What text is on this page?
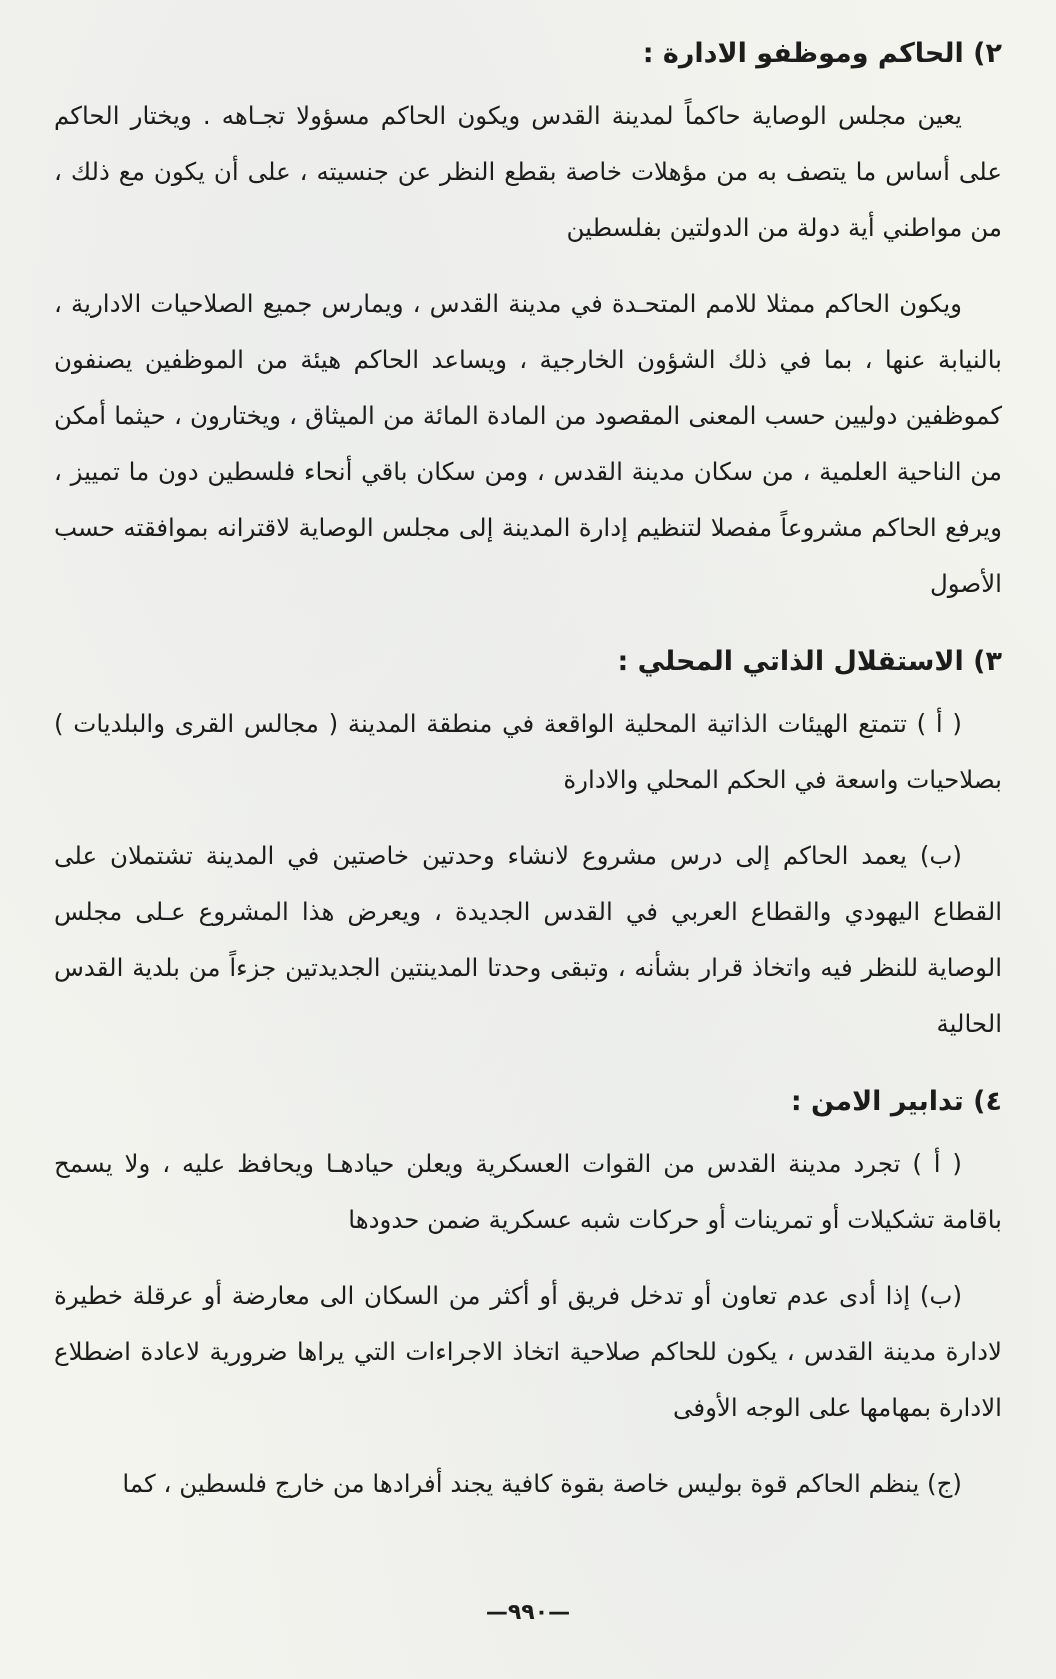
٢) الحاكم وموظفو الادارة :

يعين مجلس الوصاية حاكماً لمدينة القدس ويكون الحاكم مسؤولا تجـاهه . ويختار الحاكم على أساس ما يتصف به من مؤهلات خاصة بقطع النظر عن جنسيته ، على أن يكون مع ذلك ، من مواطني أية دولة من الدولتين بفلسطين

ويكون الحاكم ممثلا للامم المتحـدة في مدينة القدس ، ويمارس جميع الصلاحيات الادارية ، بالنيابة عنها ، بما في ذلك الشؤون الخارجية ، ويساعد الحاكم هيئة من الموظفين يصنفون كموظفين دوليين حسب المعنى المقصود من المادة المائة من الميثاق ، ويختارون ، حيثما أمكن من الناحية العلمية ، من سكان مدينة القدس ، ومن سكان باقي أنحاء فلسطين دون ما تمييز ، ويرفع الحاكم مشروعاً مفصلا لتنظيم إدارة المدينة إلى مجلس الوصاية لاقترانه بموافقته حسب الأصول

٣) الاستقلال الذاتي المحلي :

( أ ) تتمتع الهيئات الذاتية المحلية الواقعة في منطقة المدينة ( مجالس القرى والبلديات ) بصلاحيات واسعة في الحكم المحلي والادارة

(ب) يعمد الحاكم إلى درس مشروع لانشاء وحدتين خاصتين في المدينة تشتملان على القطاع اليهودي والقطاع العربي في القدس الجديدة ، ويعرض هذا المشروع عـلى مجلس الوصاية للنظر فيه واتخاذ قرار بشأنه ، وتبقى وحدتا المدينتين الجديدتين جزءاً من بلدية القدس الحالية

٤) تدابير الامن :

( أ ) تجرد مدينة القدس من القوات العسكرية ويعلن حيادهـا ويحافظ عليه ، ولا يسمح باقامة تشكيلات أو تمرينات أو حركات شبه عسكرية ضمن حدودها

(ب) إذا أدى عدم تعاون أو تدخل فريق أو أكثر من السكان الى معارضة أو عرقلة خطيرة لادارة مدينة القدس ، يكون للحاكم صلاحية اتخاذ الاجراءات التي يراها ضرورية لاعادة اضطلاع الادارة بمهامها على الوجه الأوفى

(ج) ينظم الحاكم قوة بوليس خاصة بقوة كافية يجند أفرادها من خارج فلسطين ، كما

—٩٩٠—
